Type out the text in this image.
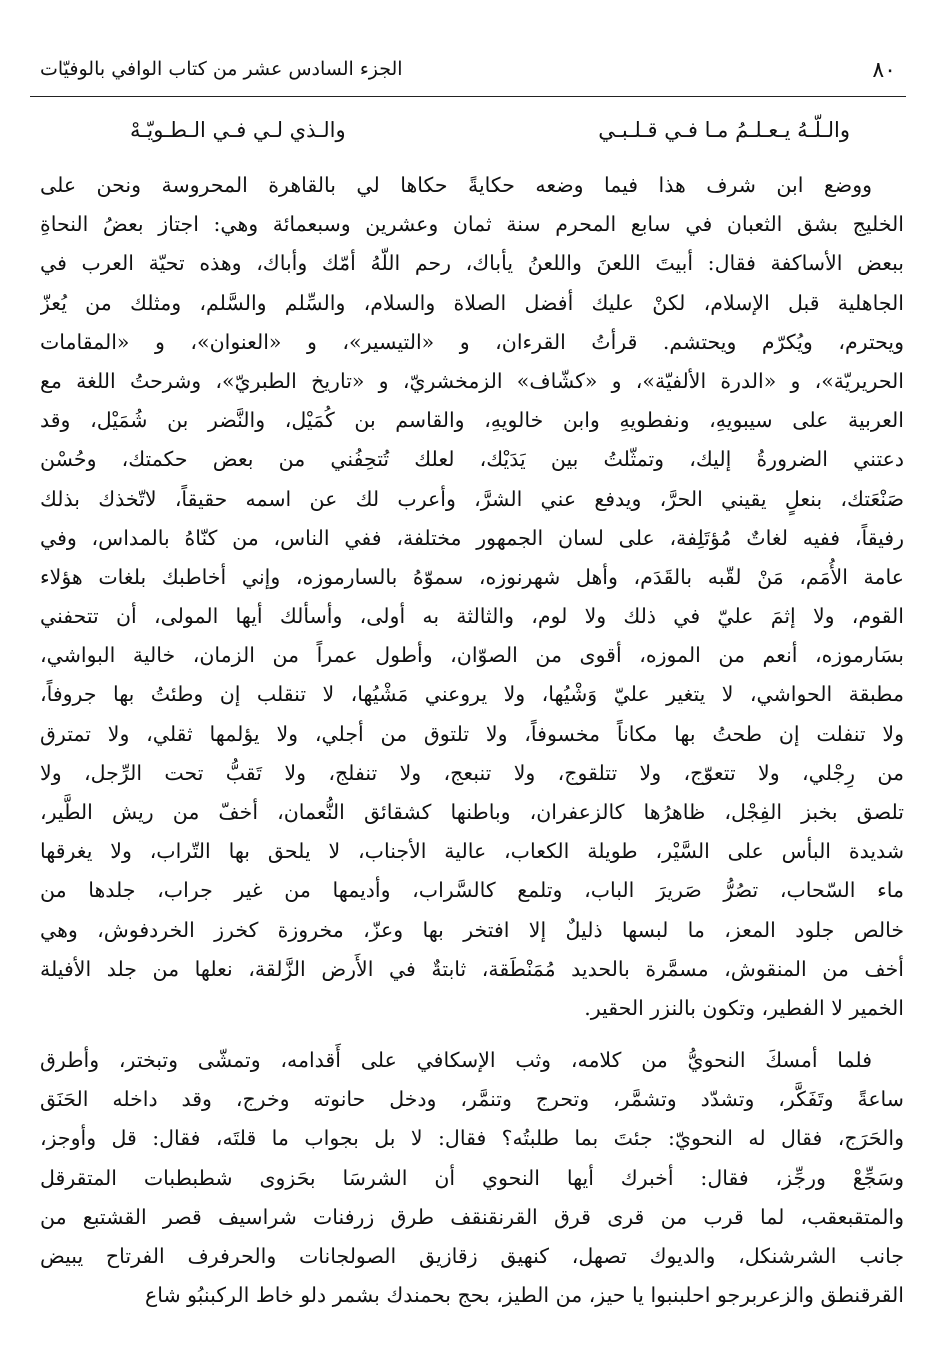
٨٠
الجزء السادس عشر من كتاب الوافي بالوفيّات
والـلّـهُ يـعـلـمُ مـا فـي قـلـبـي
والـذي لـي فـي الـطـويّـهْ
ووضع ابن شرف هذا فيما وضعه حكايةً حكاها لي بالقاهرة المحروسة ونحن على
الخليج بشق الثعبان في سابع المحرم سنة ثمان وعشرين وسبعمائة وهي: اجتاز بعضُ النحاةِ
ببعض الأساكفة فقال: أبيتَ اللعنَ واللعنُ يأباك، رحم اللّهُ أمّك وأباك، وهذه تحيّة العرب في
الجاهلية قبل الإسلام، لكنْ عليك أفضل الصلاة والسلام، والسِّلم والسَّلم، ومثلك من يُعزّ
ويحترم، ويُكرّم ويحتشم. قرأتُ القرءان، و «التيسير»، و «العنوان»، و «المقامات
الحريريّة»، و «الدرة الألفيّة»، و «كشّاف» الزمخشريّ، و «تاريخ الطبريّ»، وشرحتُ اللغة مع
العربية على سيبويهِ، ونفطويهِ وابن خالويهِ، والقاسم بن كُمَيْل، والنَّضر بن شُمَيْل، وقد
دعتني الضرورةُ إليك، وتمثّلتُ بين يَدَيْك، لعلك تُتحِفُني من بعض حكمتك، وحُسْن
صَنْعَتك، بنعلٍ يقيني الحرَّ، ويدفع عني الشرَّ، وأعرب لك عن اسمه حقيقاً، لاتّخذك بذلك
رفيقاً، ففيه لغاتٌ مُؤتَلِفة، على لسان الجمهور مختلفة، ففي الناس، من كنّاهُ بالمداس، وفي
عامة الأُمَم، مَنْ لقّبه بالقَدَم، وأهل شهرنوزه، سموّهُ بالسارموزه، وإني أخاطبك بلغات هؤلاء
القوم، ولا إثمَ عليّ في ذلك ولا لوم، والثالثة به أولى، وأسألك أيها المولى، أن تتحفني
بسَارموزه، أنعم من الموزه، أقوى من الصوّان، وأطول عمراً من الزمان، خالية البواشي،
مطبقة الحواشي، لا يتغير عليّ وَشْيُها، ولا يروعني مَشْيُها، لا تنقلب إن وطئتُ بها جروفاً،
ولا تنفلت إن طحتُ بها مكاناً مخسوفاً، ولا تلتوق من أجلي، ولا يؤلمها ثقلي، ولا تمترق
من رِجْلي، ولا تتعوّج، ولا تتلقوج، ولا تنبعج، ولا تنفلج، ولا تَقبُّ تحت الرِّجل، ولا
تلصق بخبز الفِجْل، ظاهرُها كالزعفران، وباطنها كشقائق النُّعمان، أخفّ من ريش الطَّير،
شديدة البأس على السَّيْر، طويلة الكعاب، عالية الأجناب، لا يلحق بها التّراب، ولا يغرقها
ماء السّحاب، تصُرُّ صَريرَ الباب، وتلمع كالسَّراب، وأديمها من غير جراب، جلدها من
خالص جلود المعز، ما لبسها ذليلٌ إلا افتخر بها وعزّ، مخروزة كخرز الخردفوش، وهي
أخف من المنقوش، مسمَّرة بالحديد مُمَنْطَقة، ثابتةٌ في الأَرض الزَّلقة، نعلها من جلد الأفيلة
الخمير لا الفطير، وتكون بالنزر الحقير.
فلما أمسكَ النحويُّ من كلامه، وثب الإسكافي على أَقدامه، وتمشّى وتبختر، وأطرق
ساعةً وتَفَكَّر، وتشدّد وتشمَّر، وتحرج وتنمَّر، ودخل حانوته وخرج، وقد داخله الحَنَق
والحَرَج، فقال له النحويّ: جئتَ بما طلبتُه؟ فقال: لا بل بجواب ما قلتَه، فقال: قل وأوجز،
وسَجِّعْ ورجِّز، فقال: أخبرك أيها النحوي أن الشرسَا بحَزوى شطبطبات المتقرقل
والمتقبعقب، لما قرب من قرى قرق القرنقنقف طرق زرفنات شراسيف قصر القشتبع من
جانب الشرشنكل، والديوك تصهل، كنهيق زقازيق الصولجانات والحرفرف الفرتاح يبيض
القرقنطق والزعربرجو احلبنبوا يا حيز، من الطيز، بحج بحمندك بشمر دلو خاط الركبنبُو شاع
